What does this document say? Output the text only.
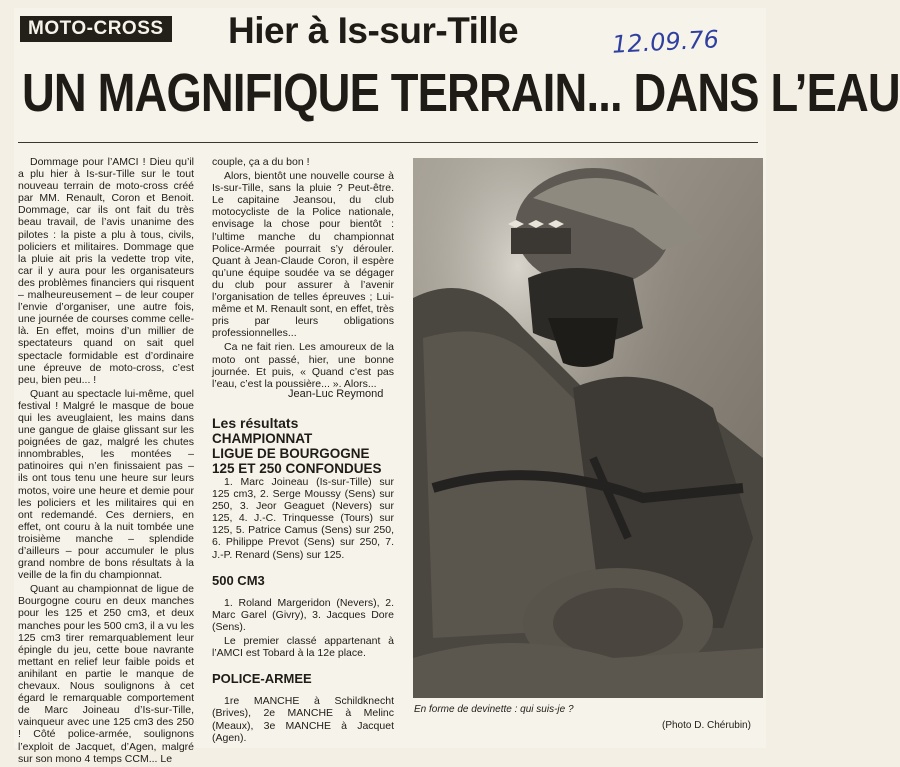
MOTO-CROSS Hier à Is-sur-Tille	12.09.76
UN MAGNIFIQUE TERRAIN... DANS L’EAU

Dommage pour l’AMCI ! Dieu qu’il a plu hier à Is-sur-Tille sur le tout nouveau terrain de moto-cross créé par MM. Renault, Coron et Benoit. Dommage, car ils ont fait du très beau travail, de l’avis unanime des pilotes : la piste a plu à tous, civils, policiers et militaires. Dommage que la pluie ait pris la vedette trop vite, car il y aura pour les organisateurs des problèmes financiers qui risquent – malheureusement – de leur couper l’envie d’organiser, une autre fois, une journée de courses comme celle-là. En effet, moins d’un millier de spectateurs quand on sait quel spectacle formidable est d’ordinaire une épreuve de moto-cross, c’est peu, bien peu... !

Quant au spectacle lui-même, quel festival ! Malgré le masque de boue qui les aveuglaient, les mains dans une gangue de glaise glissant sur les poignées de gaz, malgré les chutes innombrables, les montées – patinoires qui n’en finissaient pas – ils ont tous tenu une heure sur leurs motos, voire une heure et demie pour les policiers et les militaires qui en ont redemandé. Ces derniers, en effet, ont couru à la nuit tombée une troisième manche – splendide d’ailleurs – pour accumuler le plus grand nombre de bons résultats à la veille de la fin du championnat.

Quant au championnat de ligue de Bourgogne couru en deux manches pour les 125 et 250 cm3, et deux manches pour les 500 cm3, il a vu les 125 cm3 tirer remarquablement leur épingle du jeu, cette boue navrante mettant en relief leur faible poids et anihilant en partie le manque de chevaux. Nous soulignons à cet égard le remarquable comportement de Marc Joineau d’Is-sur-Tille, vainqueur avec une 125 cm3 des 250 ! Côté police-armée, soulignons l’exploit de Jacquet, d’Agen, malgré sur son mono 4 temps CCM... Le

couple, ça a du bon !

Alors, bientôt une nouvelle course à Is-sur-Tille, sans la pluie ? Peut-être. Le capitaine Jeansou, du club motocycliste de la Police nationale, envisage la chose pour bientôt : l’ultime manche du championnat Police-Armée pourrait s’y dérouler. Quant à Jean-Claude Coron, il espère qu’une équipe soudée va se dégager du club pour assurer à l’avenir l’organisation de telles épreuves ; Lui-même et M. Renault sont, en effet, très pris par leurs obligations professionnelles...

Ca ne fait rien. Les amoureux de la moto ont passé, hier, une bonne journée. Et puis, « Quand c’est pas l’eau, c’est la poussière... ». Alors...

Jean-Luc Reymond
Les résultats
CHAMPIONNAT
LIGUE DE BOURGOGNE
125 ET 250 CONFONDUES

1. Marc Joineau (Is-sur-Tille) sur 125 cm3, 2. Serge Moussy (Sens) sur 250, 3. Jeor Geaguet (Nevers) sur 125, 4. J.-C. Trinquesse (Tours) sur 125, 5. Patrice Camus (Sens) sur 250, 6. Philippe Prevot (Sens) sur 250, 7. J.-P. Renard (Sens) sur 125.

500 CM3

1. Roland Margeridon (Nevers), 2. Marc Garel (Givry), 3. Jacques Dore (Sens).

Le premier classé appartenant à l’AMCI est Tobard à la 12e place.

POLICE-ARMEE

1re MANCHE à Schildknecht (Brives), 2e MANCHE à Melinc (Meaux), 3e MANCHE à Jacquet (Agen).

En forme de devinette : qui suis-je ?
(Photo D. Chérubin)
